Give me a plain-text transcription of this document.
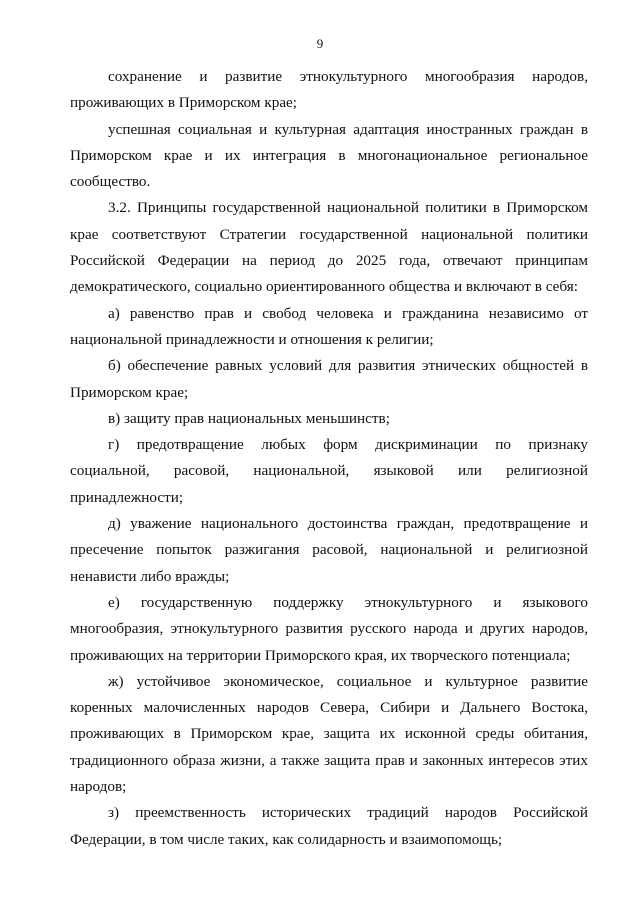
9

сохранение и развитие этнокультурного многообразия народов, проживающих в Приморском крае;

успешная социальная и культурная адаптация иностранных граждан в Приморском крае и их интеграция в многонациональное региональное сообщество.

3.2. Принципы государственной национальной политики в Приморском крае соответствуют Стратегии государственной национальной политики Российской Федерации на период до 2025 года, отвечают принципам демократического, социально ориентированного общества и включают в себя:

а) равенство прав и свобод человека и гражданина независимо от национальной принадлежности и отношения к религии;

б) обеспечение равных условий для развития этнических общностей в Приморском крае;

в) защиту прав национальных меньшинств;

г) предотвращение любых форм дискриминации по признаку социальной, расовой, национальной, языковой или религиозной принадлежности;

д) уважение национального достоинства граждан, предотвращение и пресечение попыток разжигания расовой, национальной и религиозной ненависти либо вражды;

е) государственную поддержку этнокультурного и языкового многообразия, этнокультурного развития русского народа и других народов, проживающих на территории Приморского края, их творческого потенциала;

ж) устойчивое экономическое, социальное и культурное развитие коренных малочисленных народов Севера, Сибири и Дальнего Востока, проживающих в Приморском крае, защита их исконной среды обитания, традиционного образа жизни, а также защита прав и законных интересов этих народов;

з) преемственность исторических традиций народов Российской Федерации, в том числе таких, как солидарность и взаимопомощь;
